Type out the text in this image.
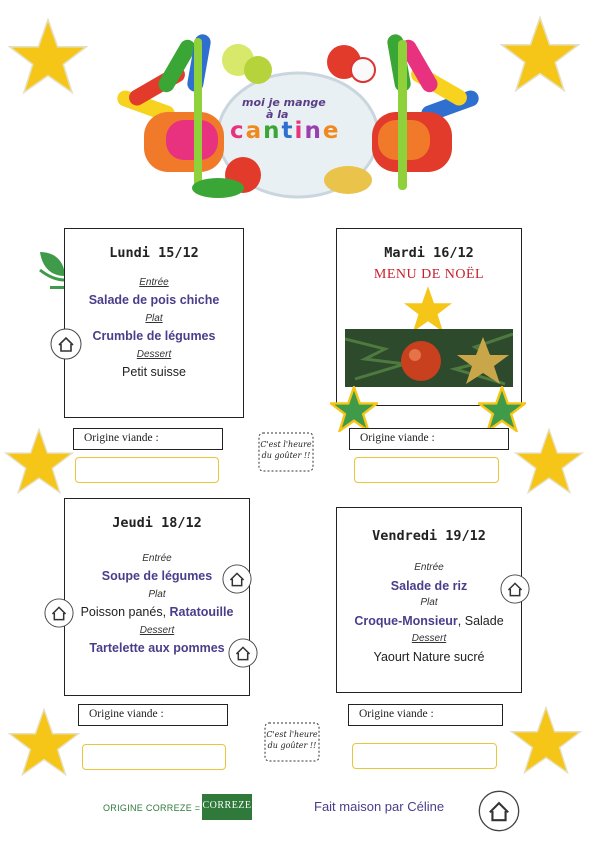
moi je mange
à la
cantine
Lundi 15/12
Entrée
Salade de pois chiche
Plat
Crumble de légumes
Dessert
Petit suisse
Mardi 16/12
MENU DE NOËL
Origine viande :
C'est l'heure
du goûter !!
Origine viande :
Jeudi 18/12
Entrée
Soupe de légumes
Plat
Poisson panés, Ratatouille
Dessert
Tartelette aux pommes
Vendredi 19/12
Entrée
Salade de riz
Plat
Croque-Monsieur, Salade
Dessert
Yaourt Nature sucré
Origine viande :
C'est l'heure
du goûter !!
Origine viande :
ORIGINE CORREZE = CORREZE	Fait maison par Céline
